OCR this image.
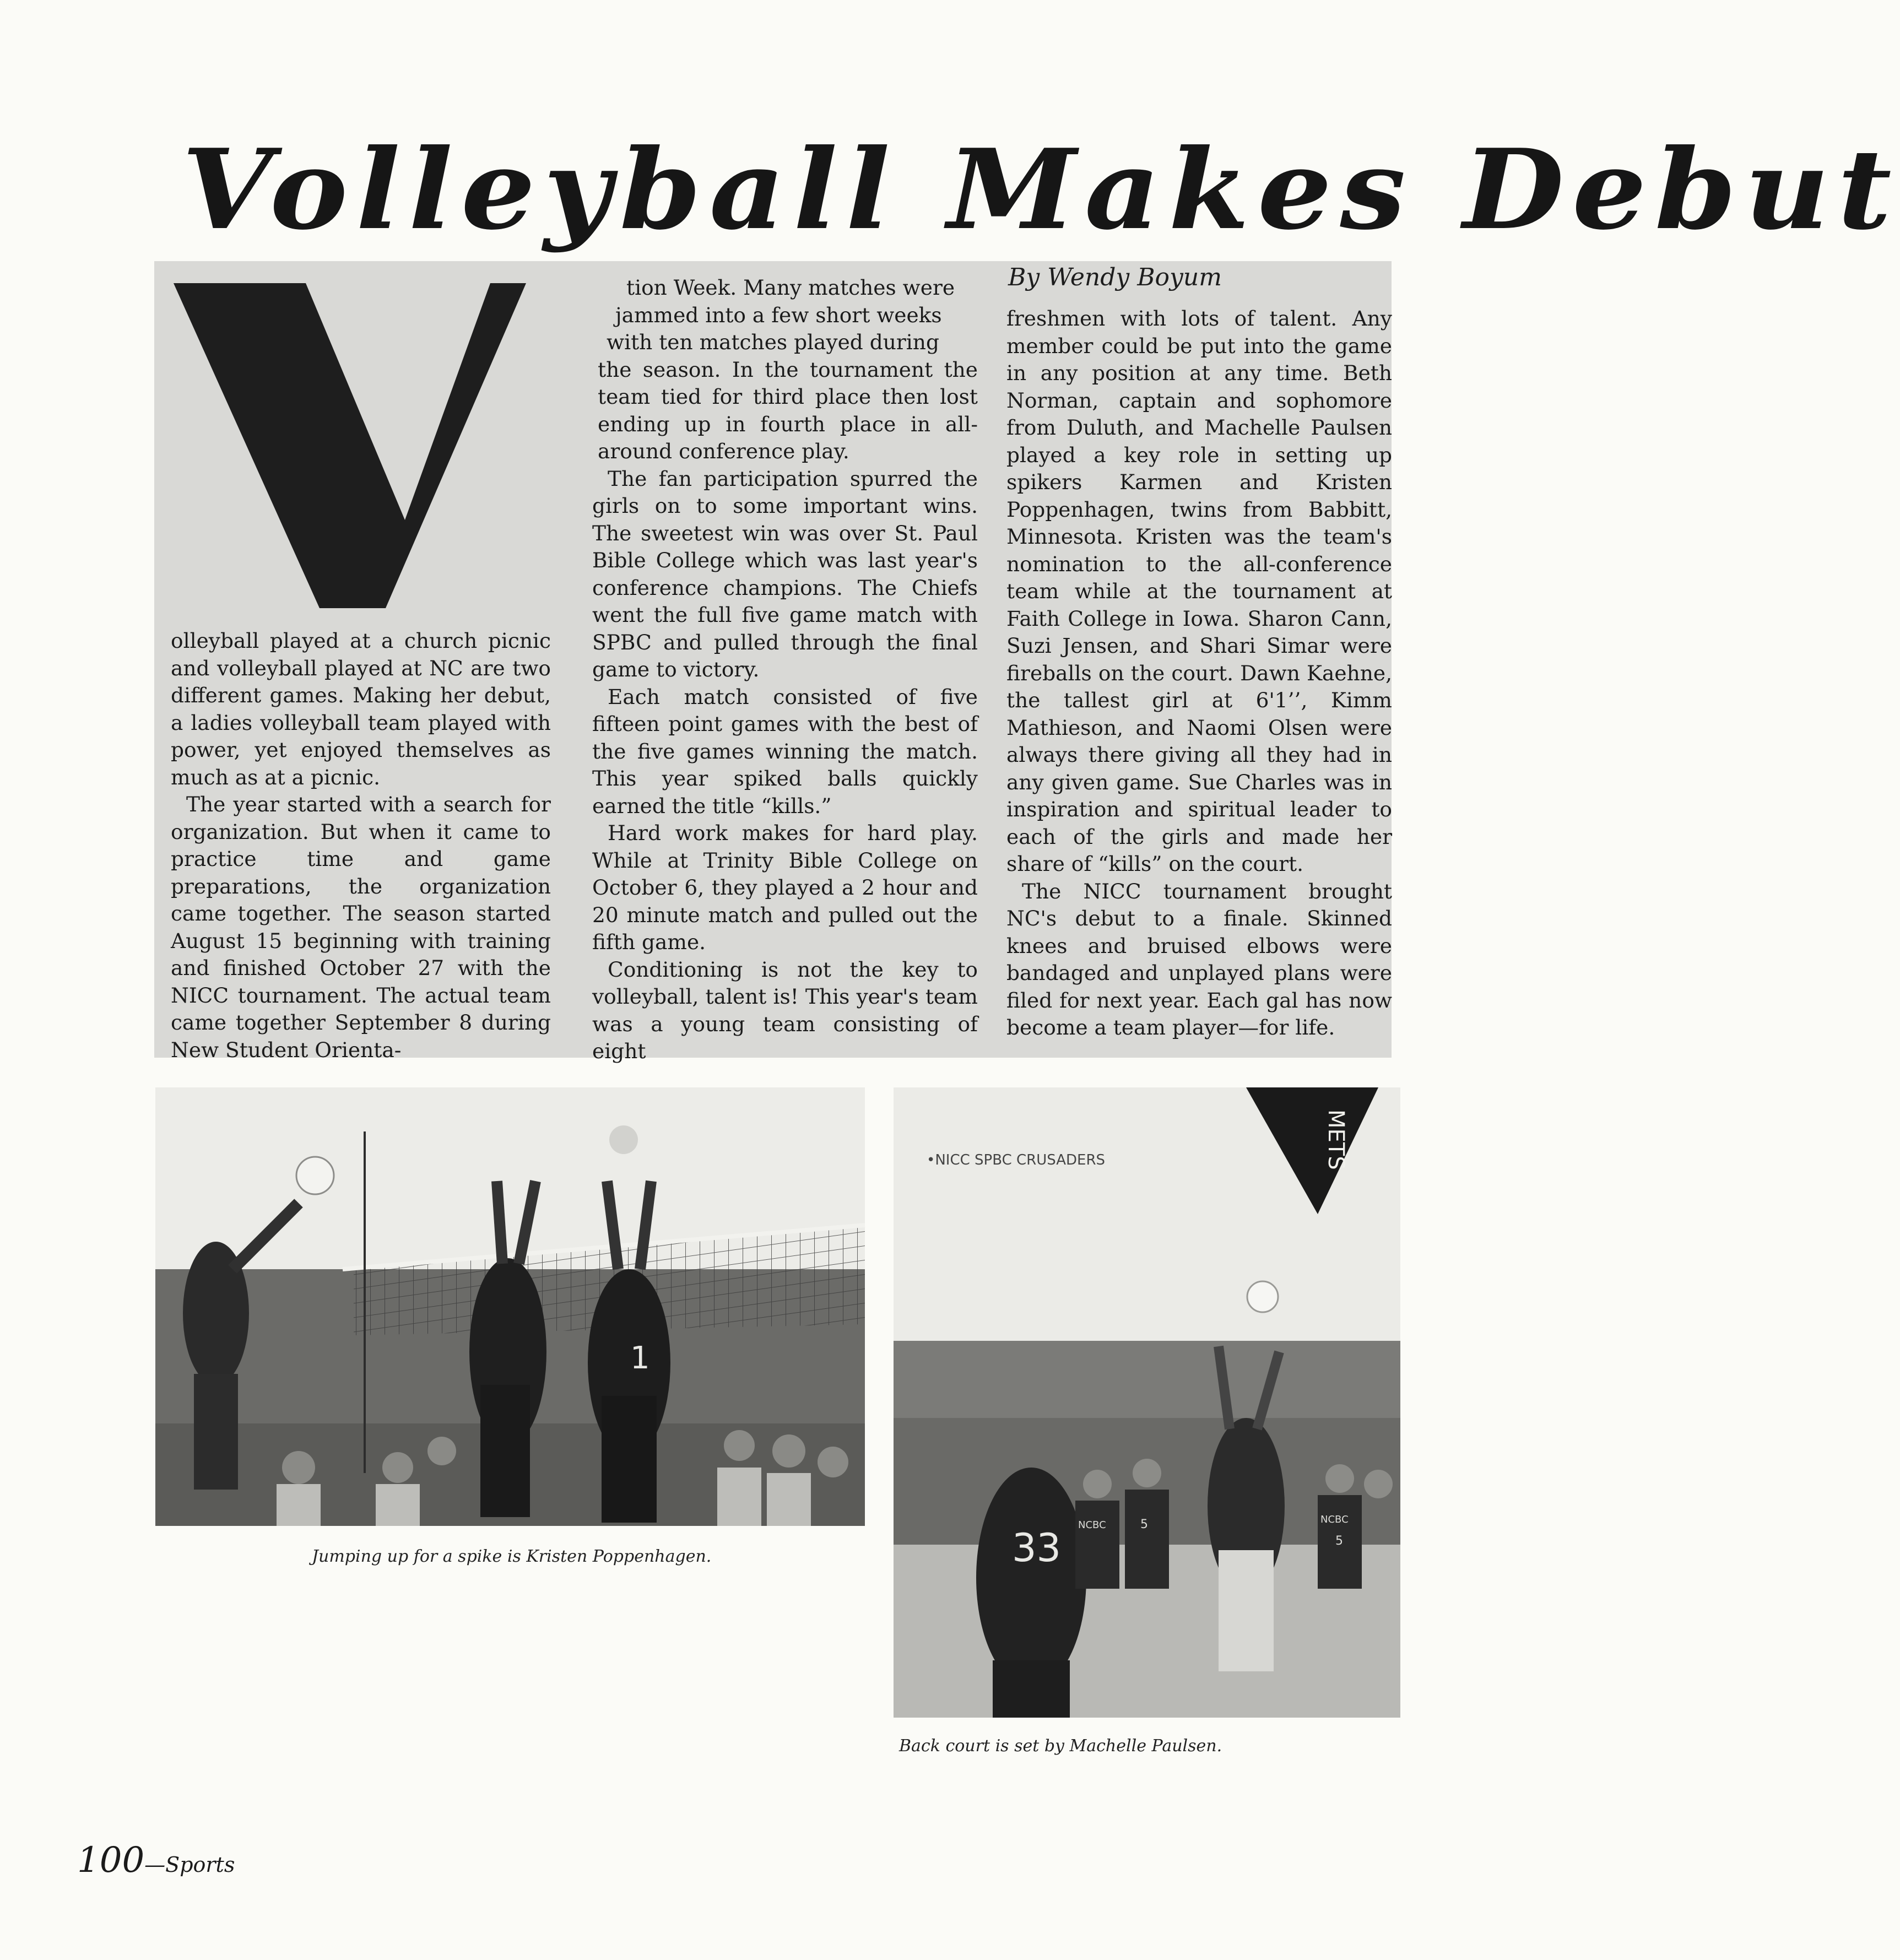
Volleyball Makes Debut

olleyball played at a church picnic and volleyball played at NC are two different games. Making her debut, a ladies volleyball team played with power, yet enjoyed themselves as much as at a picnic.

The year started with a search for organization. But when it came to practice time and game preparations, the organization came together. The season started August 15 beginning with training and finished October 27 with the NICC tournament. The actual team came together September 8 during New Student Orienta-

tion Week. Many matches were
jammed into a few short weeks
with ten matches played during
the season. In the tournament the team tied for third place then lost ending up in fourth place in all-around conference play.

The fan participation spurred the girls on to some important wins. The sweetest win was over St. Paul Bible College which was last year's conference champions. The Chiefs went the full five game match with SPBC and pulled through the final game to victory.

Each match consisted of five fifteen point games with the best of the five games winning the match. This year spiked balls quickly earned the title “kills.”

Hard work makes for hard play. While at Trinity Bible College on October 6, they played a 2 hour and 20 minute match and pulled out the fifth game.

Conditioning is not the key to volleyball, talent is! This year's team was a young team consisting of eight

By Wendy Boyum

freshmen with lots of talent. Any member could be put into the game in any position at any time. Beth Norman, captain and sophomore from Duluth, and Machelle Paulsen played a key role in setting up spikers Karmen and Kristen Poppenhagen, twins from Babbitt, Minnesota. Kristen was the team's nomination to the all-conference team while at the tournament at Faith College in Iowa. Sharon Cann, Suzi Jensen, and Shari Simar were fireballs on the court. Dawn Kaehne, the tallest girl at 6'1’’, Kimm Mathieson, and Naomi Olsen were always there giving all they had in any given game. Sue Charles was in inspiration and spiritual leader to each of the girls and made her share of “kills” on the court.

The NICC tournament brought NC's debut to a finale. Skinned knees and bruised elbows were bandaged and unplayed plans were filed for next year. Each gal has now become a team player—for life.

1
Jumping up for a spike is Kristen Poppenhagen.
METS
•NICC SPBC CRUSADERS
33
NCBC	NCBC
5
5
Back court is set by Machelle Paulsen.
100—Sports
